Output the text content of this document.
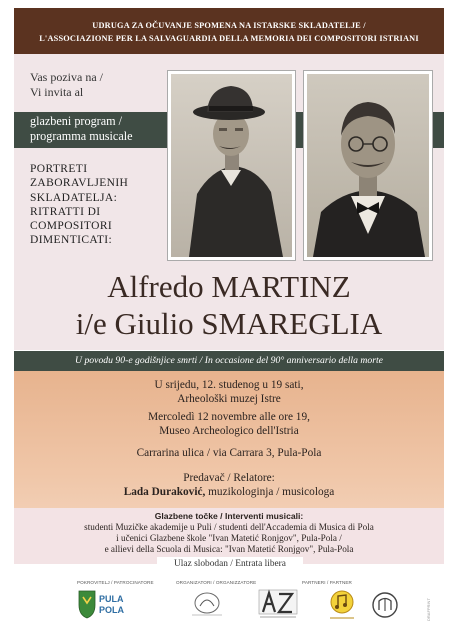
UDRUGA ZA OČUVANJE SPOMENA NA ISTARSKE SKLADATELJE /
L'ASSOCIAZIONE PER LA SALVAGUARDIA DELLA MEMORIA DEI COMPOSITORI ISTRIANI
Vas poziva na /
Vi invita al
glazbeni program /
programma musicale
PORTRETI
ZABORAVLJENIH
SKLADATELJA:
RITRATTI DI
COMPOSITORI
DIMENTICATI:
Alfredo MARTINZ
i/e Giulio SMAREGLIA
U povodu 90-e godišnjice smrti / In occasione del 90° anniversario della morte
U srijedu, 12. studenog u 19 sati,
Arheološki muzej Istre
Mercoledì 12 novembre alle ore 19,
Museo Archeologico dell'Istria
Carrarina ulica / via Carrara 3, Pula-Pola
Predavač / Relatore:
Lada Duraković, muzikologinja / musicologa
Glazbene točke / Interventi musicali:
studenti Muzičke akademije u Puli / studenti dell'Accademia di Musica di Pola
i učenici Glazbene škole "Ivan Matetić Ronjgov", Pula-Pola /
e allievi della Scuola di Musica: "Ivan Matetić Ronjgov", Pula-Pola
Ulaz slobodan / Entrata libera
POKROVITELJ / PATROCINATORE	ORGANIZATORI / ORGANIZZATORE	PARTNERI / PARTNER
PULA
POLA	DRAFPRINT
